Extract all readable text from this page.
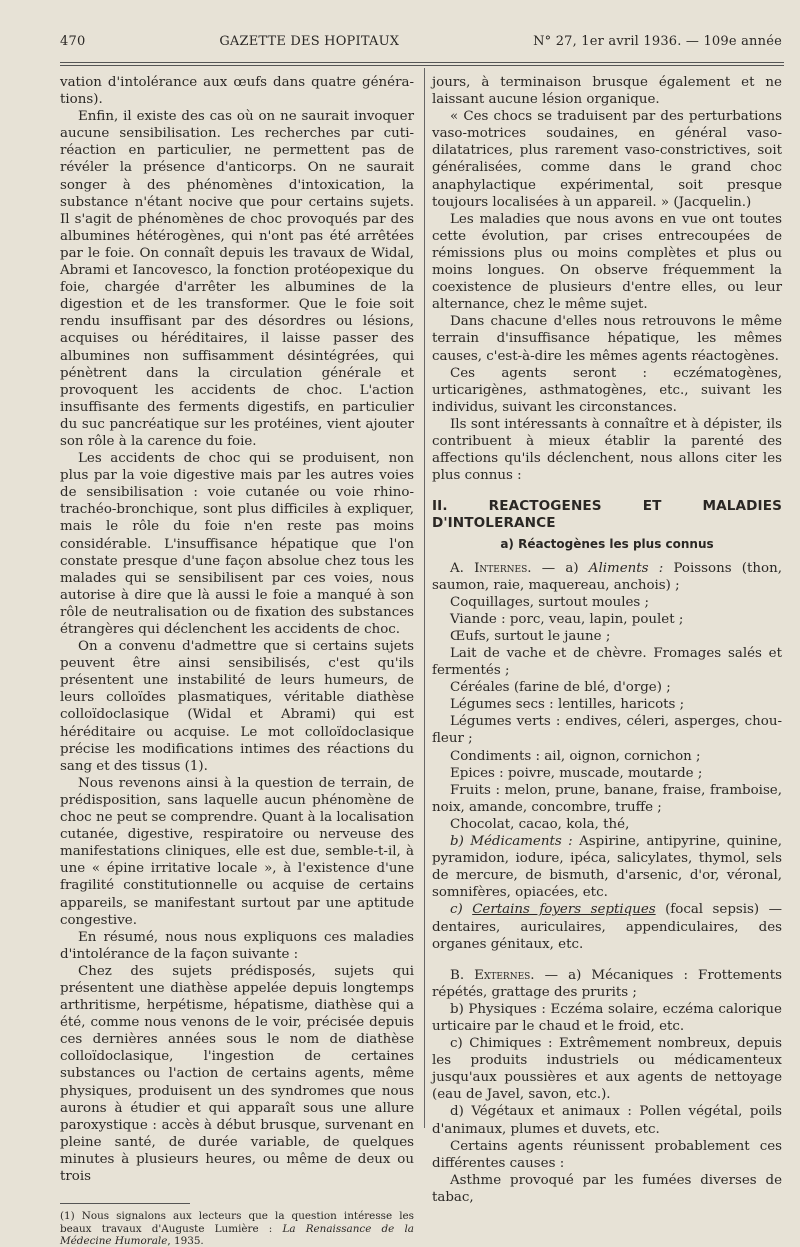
470	GAZETTE DES HOPITAUX	N° 27, 1er avril 1936. — 109e année

vation d'intolérance aux œufs dans quatre généra-tions).

Enfin, il existe des cas où on ne saurait invoquer aucune sensibilisation. Les recherches par cuti-réaction en particulier, ne permettent pas de révéler la présence d'anticorps. On ne saurait songer à des phénomènes d'intoxication, la substance n'étant nocive que pour certains sujets. Il s'agit de phénomènes de choc provoqués par des albumines hétérogènes, qui n'ont pas été arrêtées par le foie. On connaît depuis les travaux de Widal, Abrami et Iancovesco, la fonction protéopexique du foie, chargée d'arrêter les albumines de la digestion et de les transformer. Que le foie soit rendu insuffisant par des désordres ou lésions, acquises ou héréditaires, il laisse passer des albumines non suffisamment désintégrées, qui pénètrent dans la circulation générale et provoquent les accidents de choc. L'action insuffisante des ferments digestifs, en particulier du suc pancréatique sur les protéines, vient ajouter son rôle à la carence du foie.

Les accidents de choc qui se produisent, non plus par la voie digestive mais par les autres voies de sensibilisation : voie cutanée ou voie rhino-trachéo-bronchique, sont plus difficiles à expliquer, mais le rôle du foie n'en reste pas moins considérable. L'insuffisance hépatique que l'on constate presque d'une façon absolue chez tous les malades qui se sensibilisent par ces voies, nous autorise à dire que là aussi le foie a manqué à son rôle de neutralisation ou de fixation des substances étrangères qui déclenchent les accidents de choc.

On a convenu d'admettre que si certains sujets peuvent être ainsi sensibilisés, c'est qu'ils présentent une instabilité de leurs humeurs, de leurs colloïdes plasmatiques, véritable diathèse colloïdoclasique (Widal et Abrami) qui est héréditaire ou acquise. Le mot colloïdoclasique précise les modifications intimes des réactions du sang et des tissus (1).

Nous revenons ainsi à la question de terrain, de prédisposition, sans laquelle aucun phénomène de choc ne peut se comprendre. Quant à la localisation cutanée, digestive, respiratoire ou nerveuse des manifestations cliniques, elle est due, semble-t-il, à une « épine irritative locale », à l'existence d'une fragilité constitutionnelle ou acquise de certains appareils, se manifestant surtout par une aptitude congestive.

En résumé, nous nous expliquons ces maladies d'intolérance de la façon suivante :

Chez des sujets prédisposés, sujets qui présentent une diathèse appelée depuis longtemps arthritisme, herpétisme, hépatisme, diathèse qui a été, comme nous venons de le voir, précisée depuis ces dernières années sous le nom de diathèse colloïdoclasique, l'ingestion de certaines substances ou l'action de certains agents, même physiques, produisent un des syndromes que nous aurons à étudier et qui apparaît sous une allure paroxystique : accès à début brusque, survenant en pleine santé, de durée variable, de quelques minutes à plusieurs heures, ou même de deux ou trois

(1) Nous signalons aux lecteurs que la question intéresse les beaux travaux d'Auguste Lumière : La Renaissance de la Médecine Humorale, 1935.

jours, à terminaison brusque également et ne laissant aucune lésion organique.

« Ces chocs se traduisent par des perturbations vaso-motrices soudaines, en général vaso-dilatatrices, plus rarement vaso-constrictives, soit généralisées, comme dans le grand choc anaphylactique expérimental, soit presque toujours localisées à un appareil. » (Jacquelin.)

Les maladies que nous avons en vue ont toutes cette évolution, par crises entrecoupées de rémissions plus ou moins complètes et plus ou moins longues. On observe fréquemment la coexistence de plusieurs d'entre elles, ou leur alternance, chez le même sujet.

Dans chacune d'elles nous retrouvons le même terrain d'insuffisance hépatique, les mêmes causes, c'est-à-dire les mêmes agents réactogènes.

Ces agents seront : eczématogènes, urticarigènes, asthmatogènes, etc., suivant les individus, suivant les circonstances.

Ils sont intéressants à connaître et à dépister, ils contribuent à mieux établir la parenté des affections qu'ils déclenchent, nous allons citer les plus connus :

II. REACTOGENES ET MALADIES D'INTOLERANCE
a) Réactogènes les plus connus

A. Internes. — a) Aliments : Poissons (thon, saumon, raie, maquereau, anchois) ;

Coquillages, surtout moules ;

Viande : porc, veau, lapin, poulet ;

Œufs, surtout le jaune ;

Lait de vache et de chèvre. Fromages salés et fermentés ;

Céréales (farine de blé, d'orge) ;

Légumes secs : lentilles, haricots ;

Légumes verts : endives, céleri, asperges, chou-fleur ;

Condiments : ail, oignon, cornichon ;

Epices : poivre, muscade, moutarde ;

Fruits : melon, prune, banane, fraise, framboise, noix, amande, concombre, truffe ;

Chocolat, cacao, kola, thé,

b) Médicaments : Aspirine, antipyrine, quinine, pyramidon, iodure, ipéca, salicylates, thymol, sels de mercure, de bismuth, d'arsenic, d'or, véronal, somnifères, opiacées, etc.

c) Certains foyers septiques (focal sepsis) — dentaires, auriculaires, appendiculaires, des organes génitaux, etc.

B. Externes. — a) Mécaniques : Frottements répétés, grattage des prurits ;

b) Physiques : Eczéma solaire, eczéma calorique urticaire par le chaud et le froid, etc.

c) Chimiques : Extrêmement nombreux, depuis les produits industriels ou médicamenteux jusqu'aux poussières et aux agents de nettoyage (eau de Javel, savon, etc.).

d) Végétaux et animaux : Pollen végétal, poils d'animaux, plumes et duvets, etc.

Certains agents réunissent probablement ces différentes causes :

Asthme provoqué par les fumées diverses de tabac,
